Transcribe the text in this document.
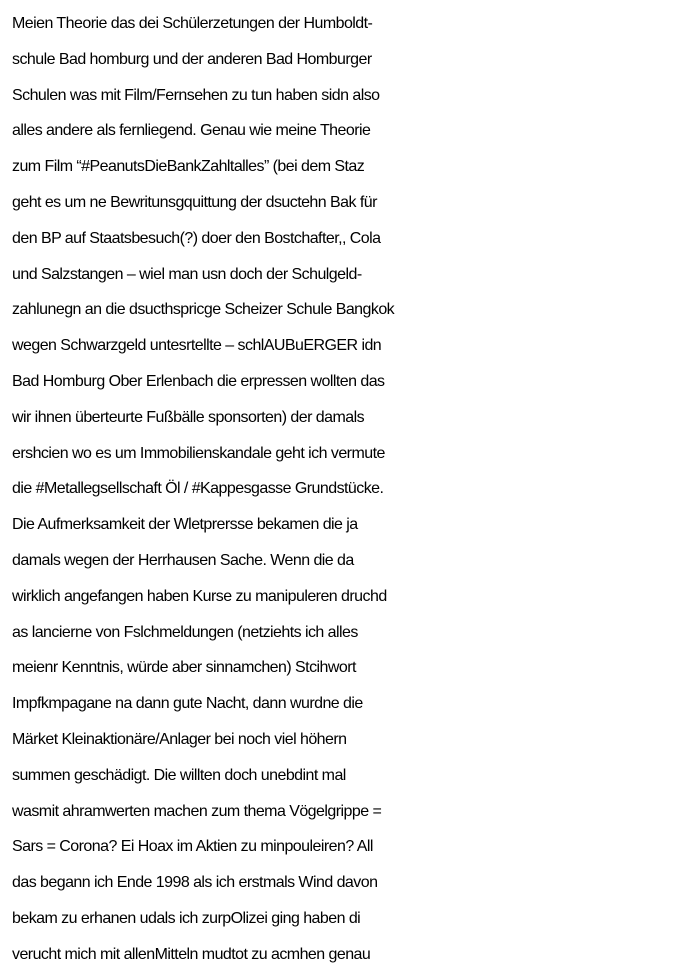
Meien Theorie das dei Schülerzetungen der Humboldt-
schule Bad homburg und der anderen Bad Homburger
Schulen was mit Film/Fernsehen zu tun haben sidn also
alles andere als fernliegend. Genau wie meine Theorie
zum Film “#PeanutsDieBankZahltalles” (bei dem Staz
geht es um ne Bewritunsgquittung der dsuctehn Bak für
den BP auf Staatsbesuch(?) doer den Bostchafter,, Cola
und Salzstangen – wiel man usn doch der Schulgeld-
zahlunegn an die dsucthspricge Scheizer Schule Bangkok
wegen Schwarzgeld untesrtellte – schlAUBuERGER idn
Bad Homburg Ober Erlenbach die erpressen wollten das
wir ihnen überteurte Fußbälle sponsorten) der damals
ershcien wo es um Immobilienskandale geht ich vermute
die #Metallegsellschaft Öl / #Kappesgasse Grundstücke.
Die Aufmerksamkeit der Wletprersse bekamen die ja
damals wegen der Herrhausen Sache. Wenn die da
wirklich angefangen haben Kurse zu manipuleren druchd
as lancierne von Fslchmeldungen (netziehts ich alles
meienr Kenntnis, würde aber sinnamchen) Stcihwort
Impfkmpagane na dann gute Nacht, dann wurdne die
Märket Kleinaktionäre/Anlager bei noch viel höhern
summen geschädigt. Die willten doch unebdint mal
wasmit ahramwerten machen zum thema Vögelgrippe =
Sars = Corona? Ei Hoax im Aktien zu minpouleiren? All
das begann ich Ende 1998 als ich erstmals Wind davon
bekam zu erhanen udals ich zurpOlizei ging haben di
verucht mich mit allenMitteln mudtot zu acmhen genau
